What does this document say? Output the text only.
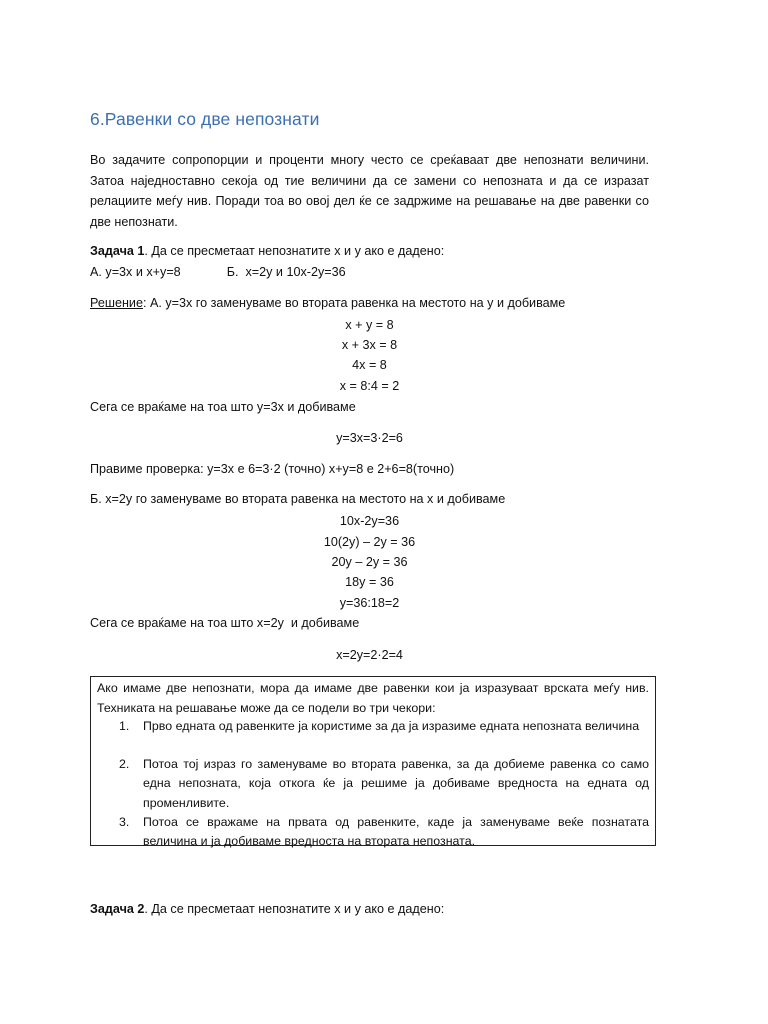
6.Равенки со две непознати
Во задачите сопропорции и проценти многу често се среќаваат две непознати величини. Затоа наједноставно секоја од тие величини да се замени со непозната и да се изразат релациите меѓу нив. Поради тоа во овој дел ќе се задржиме на решавање на две равенки со две непознати.
Задача 1. Да се пресметаат непознатите x и y ако е дадено:
А. y=3x и x+y=8	Б.  x=2y и 10x-2y=36
Решение: А. y=3x го заменуваме во втората равенка на местото на y и добиваме
x + y = 8
x + 3x = 8
4x = 8
x = 8:4 = 2
Сега се враќаме на тоа што y=3x и добиваме
y=3x=3·2=6
Правиме проверка: y=3x е 6=3·2 (точно) x+y=8 е 2+6=8(точно)
Б. x=2y го заменуваме во втората равенка на местото на x и добиваме
10x-2y=36
10(2y) – 2y = 36
20y – 2y = 36
18y = 36
y=36:18=2
Сега се враќаме на тоа што x=2y  и добиваме
x=2y=2·2=4
Ако имаме две непознати, мора да имаме две равенки кои ја изразуваат врската меѓу нив. Техниката на решавање може да се подели во три чекори:
1. Прво едната од равенките ја користиме за да ја изразиме едната непозната величина
2. Потоа тој израз го заменуваме во втората равенка, за да добиеме равенка со само една непозната, која откога ќе ја решиме ја добиваме вредноста на едната од променливите.
3. Потоа се вражаме на првата од равенките, каде ја заменуваме веќе познатата величина и ја добиваме вредноста на втората непозната.
Задача 2. Да се пресметаат непознатите x и y ако е дадено:
